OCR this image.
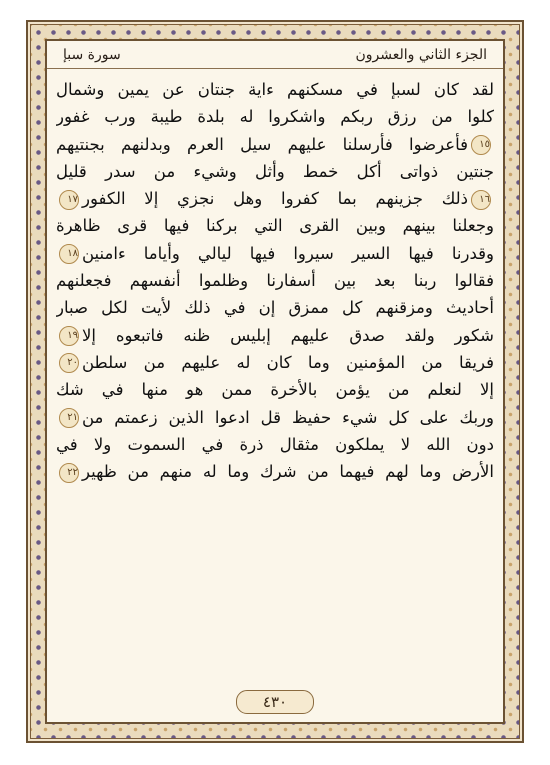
سورة سبإ	الجزء الثاني والعشرون
لقد كان لسبإ في مسكنهم ءاية جنتان عن يمين وشمال
كلوا من رزق ربكم واشكروا له بلدة طيبة ورب غفور
١٥فأعرضوا فأرسلنا عليهم سيل العرم وبدلنهم بجنتيهم
جنتين ذواتى أكل خمط وأثل وشيء من سدر قليل
١٦ذلك جزينهم بما كفروا وهل نجزي إلا الكفور١٧
وجعلنا بينهم وبين القرى التي بركنا فيها قرى ظاهرة
وقدرنا فيها السير سيروا فيها ليالي وأياما ءامنين١٨
فقالوا ربنا بعد بين أسفارنا وظلموا أنفسهم فجعلنهم
أحاديث ومزقنهم كل ممزق إن في ذلك لأيت لكل صبار
شكور ولقد صدق عليهم إبليس ظنه فاتبعوه إلا١٩
فريقا من المؤمنين وما كان له عليهم من سلطن٢٠
إلا لنعلم من يؤمن بالأخرة ممن هو منها في شك
وربك على كل شيء حفيظ قل ادعوا الذين زعمتم من٢١
دون الله لا يملكون مثقال ذرة في السموت ولا في
الأرض وما لهم فيهما من شرك وما له منهم من ظهير٢٢
٤٣٠
